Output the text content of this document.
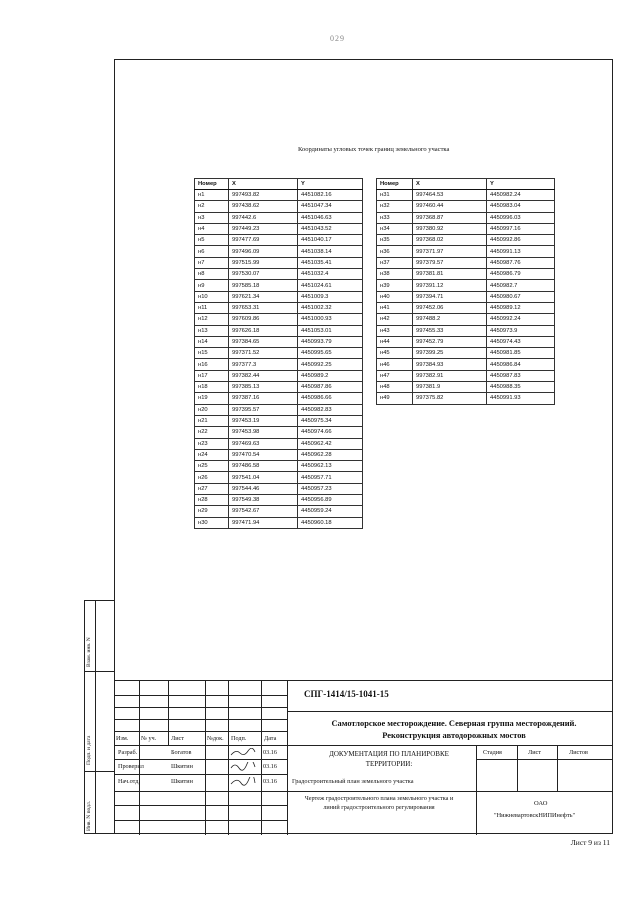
029
Координаты угловых точек границ земельного участка
Номер	X	Y
н1	997493.82	4451082.16
н2	997438.62	4451047.34
н3	997442.6	4451046.63
н4	997449.23	4451043.52
н5	997477.69	4451040.17
н6	997496.09	4451038.14
н7	997515.99	4451035.41
н8	997530.07	4451032.4
н9	997585.18	4451024.61
н10	997621.34	4451009.3
н11	997653.31	4451002.32
н12	997609.86	4451000.93
н13	997626.18	4451053.01
н14	997384.65	4450993.79
н15	997371.52	4450995.65
н16	997377.3	4450992.25
н17	997382.44	4450989.2
н18	997385.13	4450987.86
н19	997387.16	4450986.66
н20	997395.57	4450982.83
н21	997453.19	4450975.34
н22	997453.98	4450974.66
н23	997469.63	4450962.42
н24	997470.54	4450962.28
н25	997486.58	4450962.13
н26	997541.04	4450957.71
н27	997544.46	4450957.23
н28	997549.38	4450956.89
н29	997542.67	4450959.24
н30	997471.94	4450960.18
Номер	X	Y
н31	997464.53	4450982.24
н32	997460.44	4450983.04
н33	997368.87	4450996.03
н34	997380.92	4450997.16
н35	997368.02	4450992.86
н36	997371.97	4450991.13
н37	997379.57	4450987.76
н38	997381.81	4450986.79
н39	997391.12	4450982.7
н40	997394.71	4450980.67
н41	997452.06	4450989.12
н42	997488.2	4450992.24
н43	997455.33	4450973.9
н44	997452.79	4450974.43
н45	997399.25	4450981.85
н46	997384.93	4450986.84
н47	997382.91	4450987.83
н48	997381.9	4450988.35
н49	997375.82	4450991.93
Взам. инв. N
Подп. и дата
Инв. N подл.
СПГ-1414/15-1041-15
Самотлорское месторождение. Северная группа месторождений. Реконструкция автодорожных мостов
Изм. № уч. Лист	№док. Подп.	Дата
Разраб.	Богатов	03.16
Проверил	Шкитин	03.16
Нач.отд.	Шкитин	03.16
ДОКУМЕНТАЦИЯ ПО ПЛАНИРОВКЕ ТЕРРИТОРИИ:
Градостроительный план земельного участка
Стадия	Лист	Листов
Чертеж градостроительного плана земельного участка и линий градостроительного регулирования
ОАО
"НижневартовскНИПИнефть"
Лист 9 из 11
